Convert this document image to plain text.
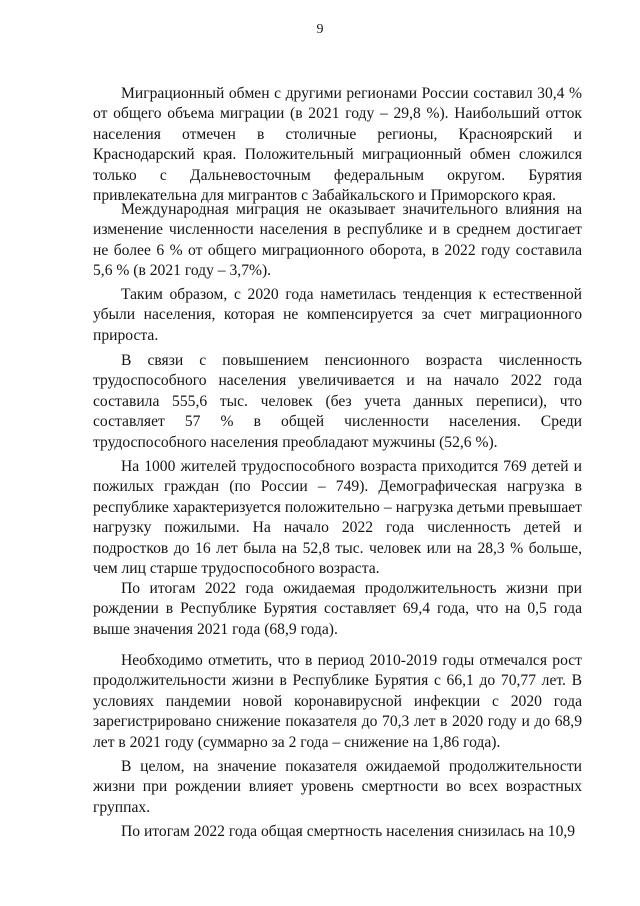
9

Миграционный обмен с другими регионами России составил 30,4 % от общего объема миграции (в 2021 году – 29,8 %). Наибольший отток населения отмечен в столичные регионы, Красноярский и Краснодарский края. Положительный миграционный обмен сложился только с Дальневосточным федеральным округом. Бурятия привлекательна для мигрантов с Забайкальского и Приморского края.

Международная миграция не оказывает значительного влияния на изменение численности населения в республике и в среднем достигает не более 6 % от общего миграционного оборота, в 2022 году составила 5,6 % (в 2021 году – 3,7%).

Таким образом, с 2020 года наметилась тенденция к естественной убыли населения, которая не компенсируется за счет миграционного прироста.

В связи с повышением пенсионного возраста численность трудоспособного населения увеличивается и на начало 2022 года составила 555,6 тыс. человек (без учета данных переписи), что составляет 57 % в общей численности населения. Среди трудоспособного населения преобладают мужчины (52,6 %).

На 1000 жителей трудоспособного возраста приходится 769 детей и пожилых граждан (по России – 749). Демографическая нагрузка в республике характеризуется положительно – нагрузка детьми превышает нагрузку пожилыми. На начало 2022 года численность детей и подростков до 16 лет была на 52,8 тыс. человек или на 28,3 % больше, чем лиц старше трудоспособного возраста.

По итогам 2022 года ожидаемая продолжительность жизни при рождении в Республике Бурятия составляет 69,4 года, что на 0,5 года выше значения 2021 года (68,9 года).

Необходимо отметить, что в период 2010-2019 годы отмечался рост продолжительности жизни в Республике Бурятия с 66,1 до 70,77 лет. В условиях пандемии новой коронавирусной инфекции с 2020 года зарегистрировано снижение показателя до 70,3 лет в 2020 году и до 68,9 лет в 2021 году (суммарно за 2 года – снижение на 1,86 года).

В целом, на значение показателя ожидаемой продолжительности жизни при рождении влияет уровень смертности во всех возрастных группах.

По итогам 2022 года общая смертность населения снизилась на 10,9
